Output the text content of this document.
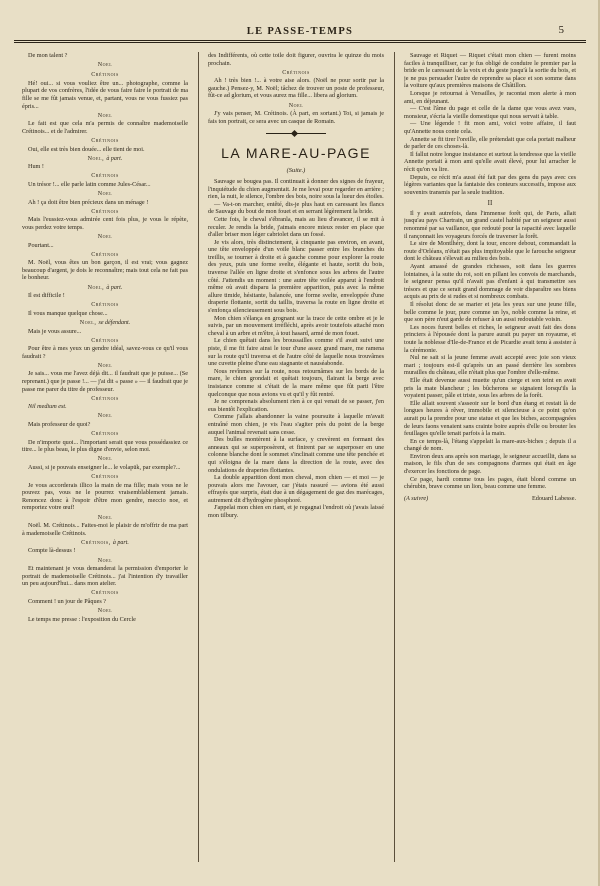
LE PASSE-TEMPS	5
De mon talent ?
Noel
Crétinois
Hé! oui... si vous vouliez être un... photographe, comme la plupart de vos confrères, l'idée de vous faire faire le portrait de ma fille se me fût jamais venue, et, partant, vous ne vous fussiez pas épris...
Noel
Le fait est que cela m'a permis de connaître mademoiselle Crétinois... et de l'admirer.
Crétinois
Oui, elle est très bien douée... elle tient de moi.
Noel, à part.
Hum !
Crétinois
Un trésor !... elle parle latin comme Jules-César...
Noel
Ah ! ça doit être bien précieux dans un ménage !
Crétinois
Mais l'eussiez-vous admirée cent fois plus, je vous le répète, vous perdez votre temps.
Noel
Pourtant...
Crétinois
M. Noël, vous êtes un bon garçon, il est vrai; vous gagnez beaucoup d'argent, je dois le reconnaître; mais tout cela ne fait pas le bonheur.
Noel, à part.
Il est difficile !
Crétinois
Il vous manque quelque chose...
Noel, se défendant.
Mais je vous assure...
Crétinois
Pour être à mes yeux un gendre idéal, savez-vous ce qu'il vous faudrait ?
Noel
Je sais... vous me l'avez déjà dit... il faudrait que je puisse... (Se reprenant.) que je passe !... — j'ai dit « passe » — il faudrait que je passe me parer du titre de professeur.
Crétinois
Nil medium est.
Noel
Mais professeur de quoi?
Crétinois
De n'importe quoi... l'important serait que vous possédassiez ce titre... le plus beau, le plus digne d'envie, selon moi.
Noel
Aussi, si je pouvais enseigner le... le volapük, par exemple?...
Crétinois
Je vous accorderais illico la main de ma fille; mais vous ne le pouvez pas, vous ne le pourrez vraisemblablement jamais. Renoncez donc à l'espoir d'être mon gendre, meccio noe, et remportez votre œuf!
Noel
Noël. M. Crétinois... Faites-moi le plaisir de m'offrir de ma part à mademoiselle Crétinois.
Crétinois, à part.
Compte là-dessus !
Noel
Et maintenant je vous demanderai la permission d'emporter le portrait de mademoiselle Crétinois... j'ai l'intention d'y travailler un peu aujourd'hui... dans mon atelier.
Crétinois
Comment ! un jour de Pâques ?
Noel
Le temps me presse : l'exposition du Cercle
des Indifférents, où cette toile doit figurer, ouvrira le quinze du mois prochain.
Crétinois
Ah ! très bien !... à votre aise alors. (Noël ne pour sortir par la gauche.) Pensez-y, M. Noël; tâchez de trouver un poste de professeur, fût-ce ad glorium, et vous aurez ma fille... libera ad glorium.
Noel
J'y vais penser, M. Crétinois. (À part, en sortant.) Toi, si jamais je fais ton portrait, ce sera avec un casque de Romain.
LA MARE-AU-PAGE
(Suite.)
Sauvage se bougea pas. Il continuait à donner des signes de frayeur, l'inquiétude du chien augmentait. Je me levai pour regarder en arrière ; rien, la nuit, le silence, l'ombre des bois, noire sous la lueur des étoiles.
— Va-t-on marcher, entêté, dis-je plus haut en caressant les flancs de Sauvage du bout de mon fouet et en serrant légèrement la bride.
Cette fois, le cheval s'ébranla, mais au lieu d'avancer, il se mit à reculer. Je rendis la bride, j'aimais encore mieux rester en place que d'aller briser mon léger cabriolet dans un fossé.
Je vis alors, très distinctement, à cinquante pas environ, en avant, une tête enveloppée d'un voile blanc passer entre les branches du treillis, se tourner à droite et à gauche comme pour explorer la route des yeux, puis une forme svelte, élégante et haute, sortit du bois, traverse l'allée en ligne droite et s'enfonce sous les arbres de l'autre côté. J'attendis un moment : une autre tête voilée apparut à l'endroit même où avait disparu la première apparition, puis avec la même allure timide, hésitante, balancée, une forme svelte, enveloppée d'une draperie flottante, sortit du taillis, traversa la route en ligne droite et s'enfonça silencieusement sous bois.
Mon chien s'élança en grognant sur la trace de cette ombre et je le suivis, par un mouvement irréfléchi, après avoir toutefois attaché mon cheval à un arbre et m'être, à tout hasard, armé de mon fouet.
Le chien quêtait dans les broussailles comme s'il avait suivi une piste, il me fit faire ainsi le tour d'une assez grand mare, me ramena sur la route qu'il traversa et de l'autre côté de laquelle nous trouvâmes une cuvette pleine d'une eau stagnante et nauséabonde.
Nous revînmes sur la route, nous retournâmes sur les bords de la mare, le chien grondait et quêtait toujours, flairant la berge avec insistance comme si c'était de la mare même que fût parti l'être quelconque que nous avions vu et qu'il y fût rentré.
Je ne comprenais absolument rien à ce qui venait de se passer, j'en eus bientôt l'explication.
Comme j'allais abandonner la vaine poursuite à laquelle m'avait entraîné mon chien, je vis l'eau s'agiter près du point de la berge auquel l'animal revenait sans cesse.
Des bulles montèrent à la surface, y crevèrent en formant des anneaux qui se superposèrent, et finirent par se superposer en une colonne blanche dont le sommet s'inclinait comme une tête penchée et qui s'éloigna de la mare dans la direction de la route, avec des ondulations de draperies flottantes.
La double apparition dont mon cheval, mon chien — et moi — je pouvais alors me l'avouer, car j'étais rassuré — avions été aussi effrayés que surpris, était due à un dégagement de gaz des marécages, autrement dit d'hydrogène phosphoré.
J'appelai mon chien en riant, et je regagnai l'endroit où j'avais laissé mon tilbury.
Sauvage et Riquet — Riquet c'était mon chien — furent moins faciles à tranquilliser, car je fus obligé de conduire le premier par la bride en le caressant de la voix et du geste jusqu'à la sortie du bois, et je ne pus persuader l'autre de reprendre sa place et son somme dans la voiture qu'aux premières maisons de Châtillon.
Lorsque je retournai à Versailles, je racontai mon alerte à mon ami, en déjeunant.
— C'est l'âme du page et celle de la dame que vous avez vues, monsieur, s'écria la vieille domestique qui nous servait à table.
— Une légende ! fit mon ami, voici votre affaire, il faut qu'Annette nous conte cela.
Annette se fit tirer l'oreille, elle prétendait que cela portait malheur de parler de ces choses-là.
Il fallut notre longue insistance et surtout la tendresse que la vieille Annette portait à mon ami qu'elle avait élevé, pour lui arracher le récit qu'on va lire.
Depuis, ce récit m'a aussi été fait par des gens du pays avec ces légères variantes que la fantaisie des conteurs successifs, impose aux souvenirs transmis par la seule tradition.
II
Il y avait autrefois, dans l'immense forêt qui, de Paris, allait jusqu'au pays Chartrain, un grand castel habité par un seigneur aussi renommé par sa vaillance, que redouté pour la rapacité avec laquelle il rançonnait les voyageurs forcés de traverser la forêt.
Le sire de Montlhéry, dont la tour, encore debout, commandait la route d'Orléans, n'était pas plus impitoyable que le farouche seigneur dont le château s'élevait au milieu des bois.
Ayant amassé de grandes richesses, soit dans les guerres lointaines, à la suite du roi, soit en pillant les convois de marchands, le seigneur pensa qu'il n'avait pas d'enfant à qui transmettre ses trésors et que ce serait grand dommage de voir disparaître ses biens acquis au prix de si rudes et si nombreux combats.
Il résolut donc de se marier et jeta les yeux sur une jeune fille, belle comme le jour, pure comme un lys, noble comme la reine, et que son père n'eut garde de refuser à un aussi redoutable voisin.
Les noces furent belles et riches, le seigneur avait fait des dons princiers à l'épousée dont la parure aurait pu payer un royaume, et toute la noblesse d'Ile-de-France et de Picardie avait tenu à assister à la cérémonie.
Nul ne sait si la jeune femme avait accepté avec joie son vieux mari ; toujours est-il qu'après un an passé derrière les sombres murailles du château, elle n'était plus que l'ombre d'elle-même.
Elle était devenue aussi muette qu'un cierge et son teint en avait pris la mate blancheur ; les bûcherons se signaient lorsqu'ils la voyaient passer, pâle et triste, sous les arbres de la forêt.
Elle allait souvent s'asseoir sur le bord d'un étang et restait là de longues heures à rêver, immobile et silencieuse à ce point qu'on aurait pu la prendre pour une statue et que les biches, accompagnées de leurs faons venaient sans crainte boire auprès d'elle ou brouter les feuillages qu'elle tenait parfois à la main.
En ce temps-là, l'étang s'appelait la mare-aux-biches ; depuis il a changé de nom.
Environ deux ans après son mariage, le seigneur accueillit, dans sa maison, le fils d'un de ses compagnons d'armes qui était en âge d'exercer les fonctions de page.
Ce page, hardi comme tous les pages, était blond comme un chérubin, brave comme un lion, beau comme une femme.
(A suivre)	Edouard Labesse.
